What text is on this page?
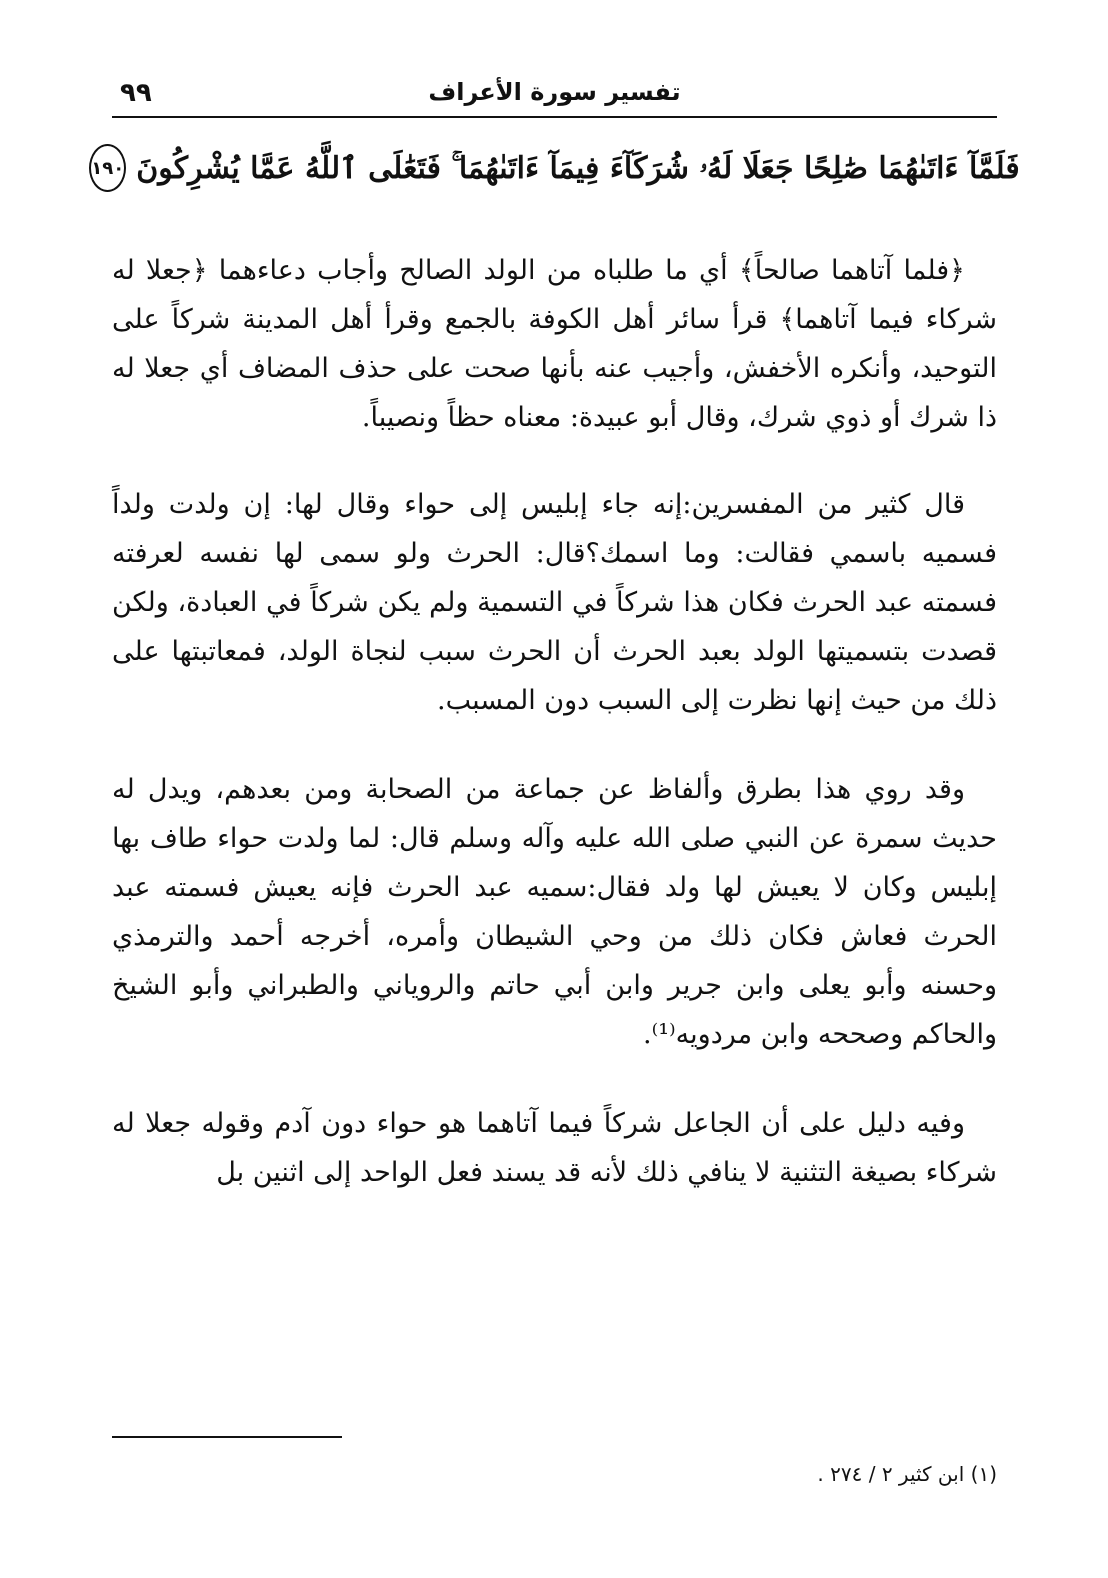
تفسير سورة الأعراف
٩٩
فَلَمَّآ ءَاتَىٰهُمَا صَٰلِحًا جَعَلَا لَهُۥ شُرَكَآءَ فِيمَآ ءَاتَىٰهُمَا ۚ فَتَعَٰلَى ٱللَّهُ عَمَّا يُشْرِكُونَ
١٩٠

﴿فلما آتاهما صالحاً﴾ أي ما طلباه من الولد الصالح وأجاب دعاءهما ﴿جعلا له شركاء فيما آتاهما﴾ قرأ سائر أهل الكوفة بالجمع وقرأ أهل المدينة شركاً على التوحيد، وأنكره الأخفش، وأجيب عنه بأنها صحت على حذف المضاف أي جعلا له ذا شرك أو ذوي شرك، وقال أبو عبيدة: معناه حظاً ونصيباً.

قال كثير من المفسرين:إنه جاء إبليس إلى حواء وقال لها: إن ولدت ولداً فسميه باسمي فقالت: وما اسمك؟قال: الحرث ولو سمى لها نفسه لعرفته فسمته عبد الحرث فكان هذا شركاً في التسمية ولم يكن شركاً في العبادة، ولكن قصدت بتسميتها الولد بعبد الحرث أن الحرث سبب لنجاة الولد، فمعاتبتها على ذلك من حيث إنها نظرت إلى السبب دون المسبب.

وقد روي هذا بطرق وألفاظ عن جماعة من الصحابة ومن بعدهم، ويدل له حديث سمرة عن النبي صلى الله عليه وآله وسلم قال: لما ولدت حواء طاف بها إبليس وكان لا يعيش لها ولد فقال:سميه عبد الحرث فإنه يعيش فسمته عبد الحرث فعاش فكان ذلك من وحي الشيطان وأمره، أخرجه أحمد والترمذي وحسنه وأبو يعلى وابن جرير وابن أبي حاتم والروياني والطبراني وأبو الشيخ والحاكم وصححه وابن مردويه⁽¹⁾.

وفيه دليل على أن الجاعل شركاً فيما آتاهما هو حواء دون آدم وقوله جعلا له شركاء بصيغة التثنية لا ينافي ذلك لأنه قد يسند فعل الواحد إلى اثنين بل

(١) ابن كثير ٢ / ٢٧٤ .
